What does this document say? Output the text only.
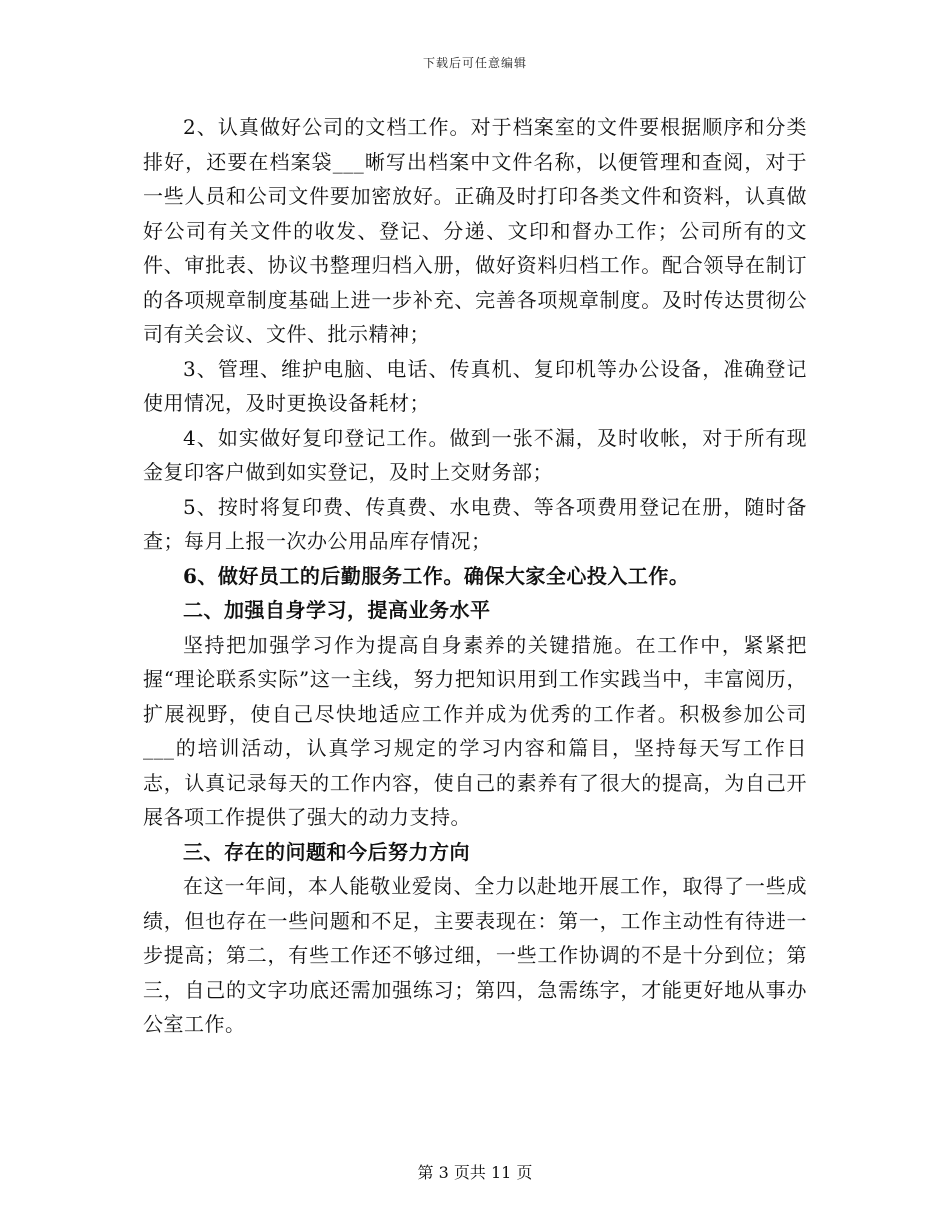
下载后可任意编辑

2、认真做好公司的文档工作。对于档案室的文件要根据顺序和分类排好，还要在档案袋___晰写出档案中文件名称，以便管理和查阅，对于一些人员和公司文件要加密放好。正确及时打印各类文件和资料，认真做好公司有关文件的收发、登记、分递、文印和督办工作；公司所有的文件、审批表、协议书整理归档入册，做好资料归档工作。配合领导在制订的各项规章制度基础上进一步补充、完善各项规章制度。及时传达贯彻公司有关会议、文件、批示精神；

3、管理、维护电脑、电话、传真机、复印机等办公设备，准确登记使用情况，及时更换设备耗材；

4、如实做好复印登记工作。做到一张不漏，及时收帐，对于所有现金复印客户做到如实登记，及时上交财务部；

5、按时将复印费、传真费、水电费、等各项费用登记在册，随时备查；每月上报一次办公用品库存情况；

6、做好员工的后勤服务工作。确保大家全心投入工作。

二、加强自身学习，提高业务水平

坚持把加强学习作为提高自身素养的关键措施。在工作中，紧紧把握“理论联系实际”这一主线，努力把知识用到工作实践当中，丰富阅历，扩展视野，使自己尽快地适应工作并成为优秀的工作者。积极参加公司___的培训活动，认真学习规定的学习内容和篇目，坚持每天写工作日志，认真记录每天的工作内容，使自己的素养有了很大的提高，为自己开展各项工作提供了强大的动力支持。

三、存在的问题和今后努力方向

在这一年间，本人能敬业爱岗、全力以赴地开展工作，取得了一些成绩，但也存在一些问题和不足，主要表现在：第一，工作主动性有待进一步提高；第二，有些工作还不够过细，一些工作协调的不是十分到位；第三，自己的文字功底还需加强练习；第四，急需练字，才能更好地从事办公室工作。

第 3 页共 11 页
